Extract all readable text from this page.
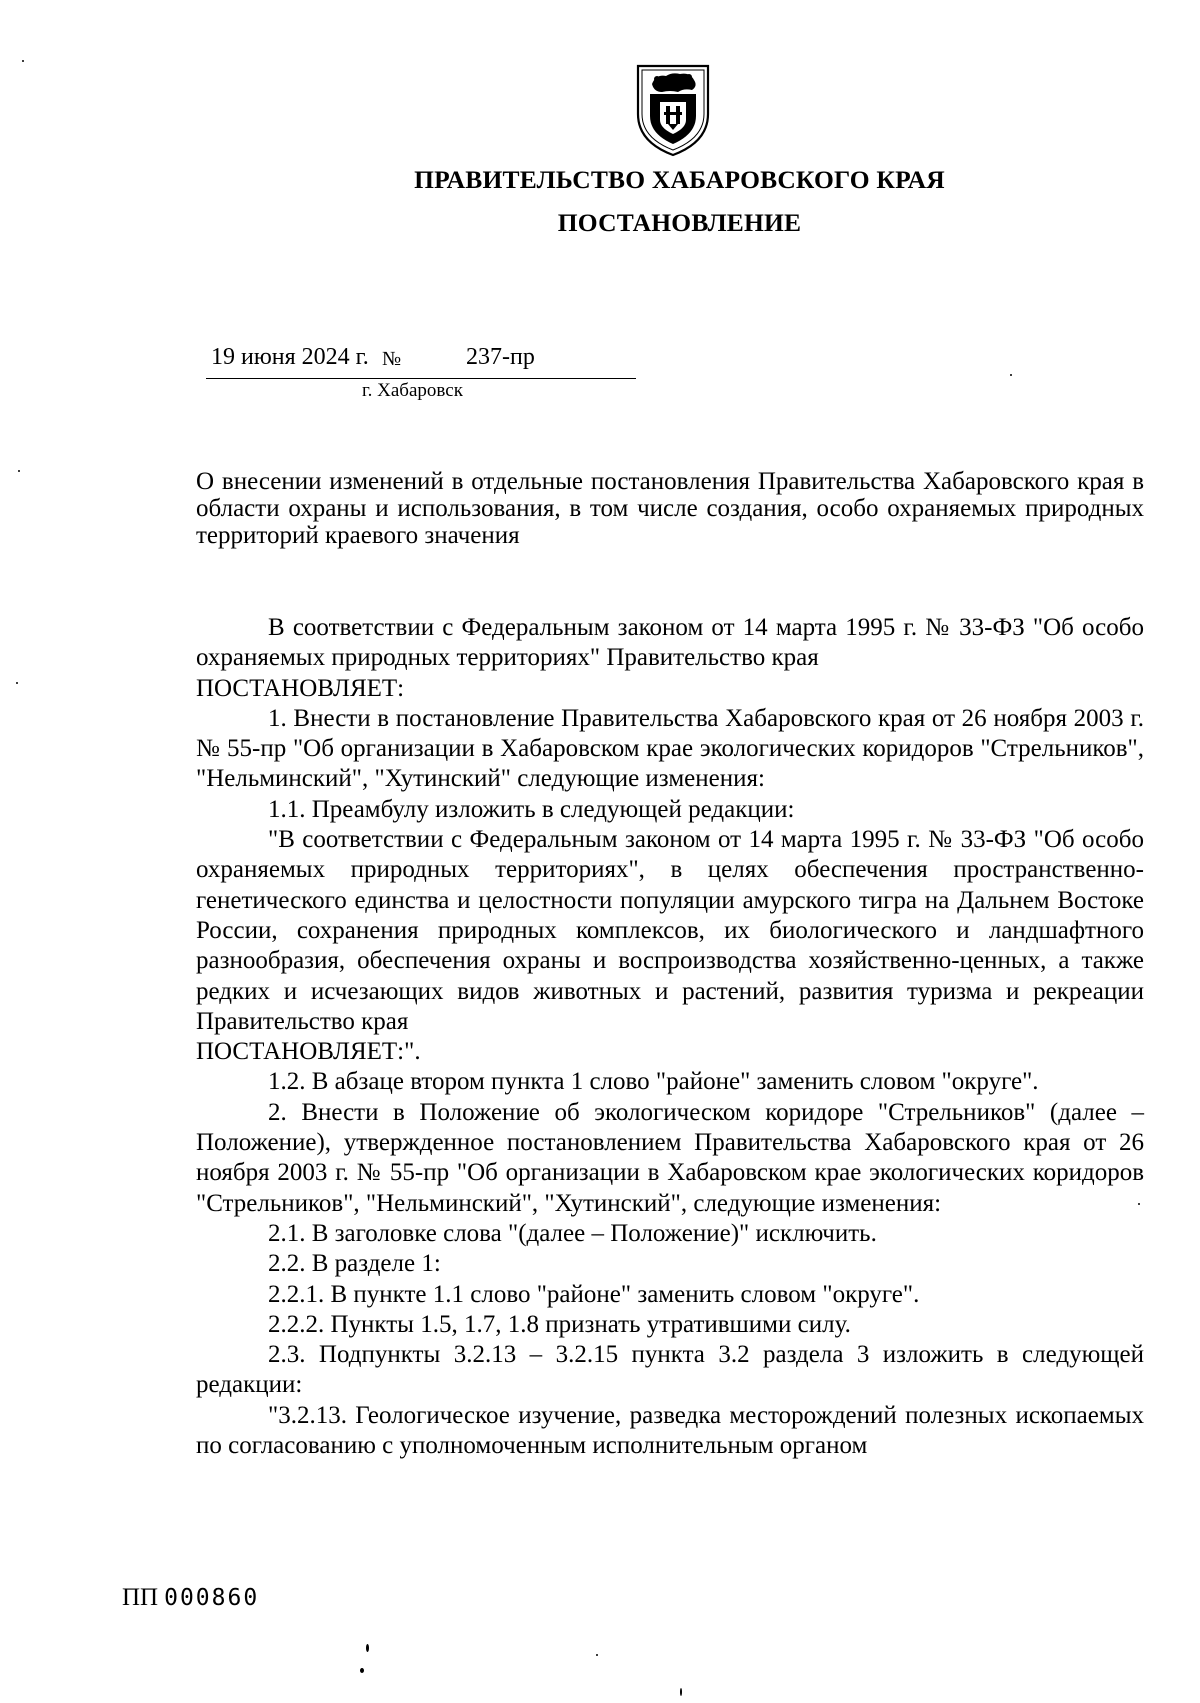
ПРАВИТЕЛЬСТВО ХАБАРОВСКОГО КРАЯ
ПОСТАНОВЛЕНИЕ
19 июня 2024 г. №	237-пр
г. Хабаровск
О внесении изменений в отдельные постановления Правительства Хабаровского края в области охраны и использования, в том числе создания, особо охраняемых природных территорий краевого значения

В соответствии с Федеральным законом от 14 марта 1995 г. № 33-ФЗ "Об особо охраняемых природных территориях" Правительство края

ПОСТАНОВЛЯЕТ:

1. Внести в постановление Правительства Хабаровского края от 26 ноября 2003 г. № 55-пр "Об организации в Хабаровском крае экологических коридоров "Стрельников", "Нельминский", "Хутинский" следующие изменения:

1.1. Преамбулу изложить в следующей редакции:

"В соответствии с Федеральным законом от 14 марта 1995 г. № 33-ФЗ "Об особо охраняемых природных территориях", в целях обеспечения пространственно-генетического единства и целостности популяции амурского тигра на Дальнем Востоке России, сохранения природных комплексов, их биологического и ландшафтного разнообразия, обеспечения охраны и воспроизводства хозяйственно-ценных, а также редких и исчезающих видов животных и растений, развития туризма и рекреации Правительство края

ПОСТАНОВЛЯЕТ:".

1.2. В абзаце втором пункта 1 слово "районе" заменить словом "округе".

2. Внести в Положение об экологическом коридоре "Стрельников" (далее – Положение), утвержденное постановлением Правительства Хабаровского края от 26 ноября 2003 г. № 55-пр "Об организации в Хабаровском крае экологических коридоров "Стрельников", "Нельминский", "Хутинский", следующие изменения:

2.1. В заголовке слова "(далее – Положение)" исключить.

2.2. В разделе 1:

2.2.1. В пункте 1.1 слово "районе" заменить словом "округе".

2.2.2. Пункты 1.5, 1.7, 1.8 признать утратившими силу.

2.3. Подпункты 3.2.13 – 3.2.15 пункта 3.2 раздела 3 изложить в следующей редакции:

"3.2.13. Геологическое изучение, разведка месторождений полезных ископаемых по согласованию с уполномоченным исполнительным органом

ПП 000860
